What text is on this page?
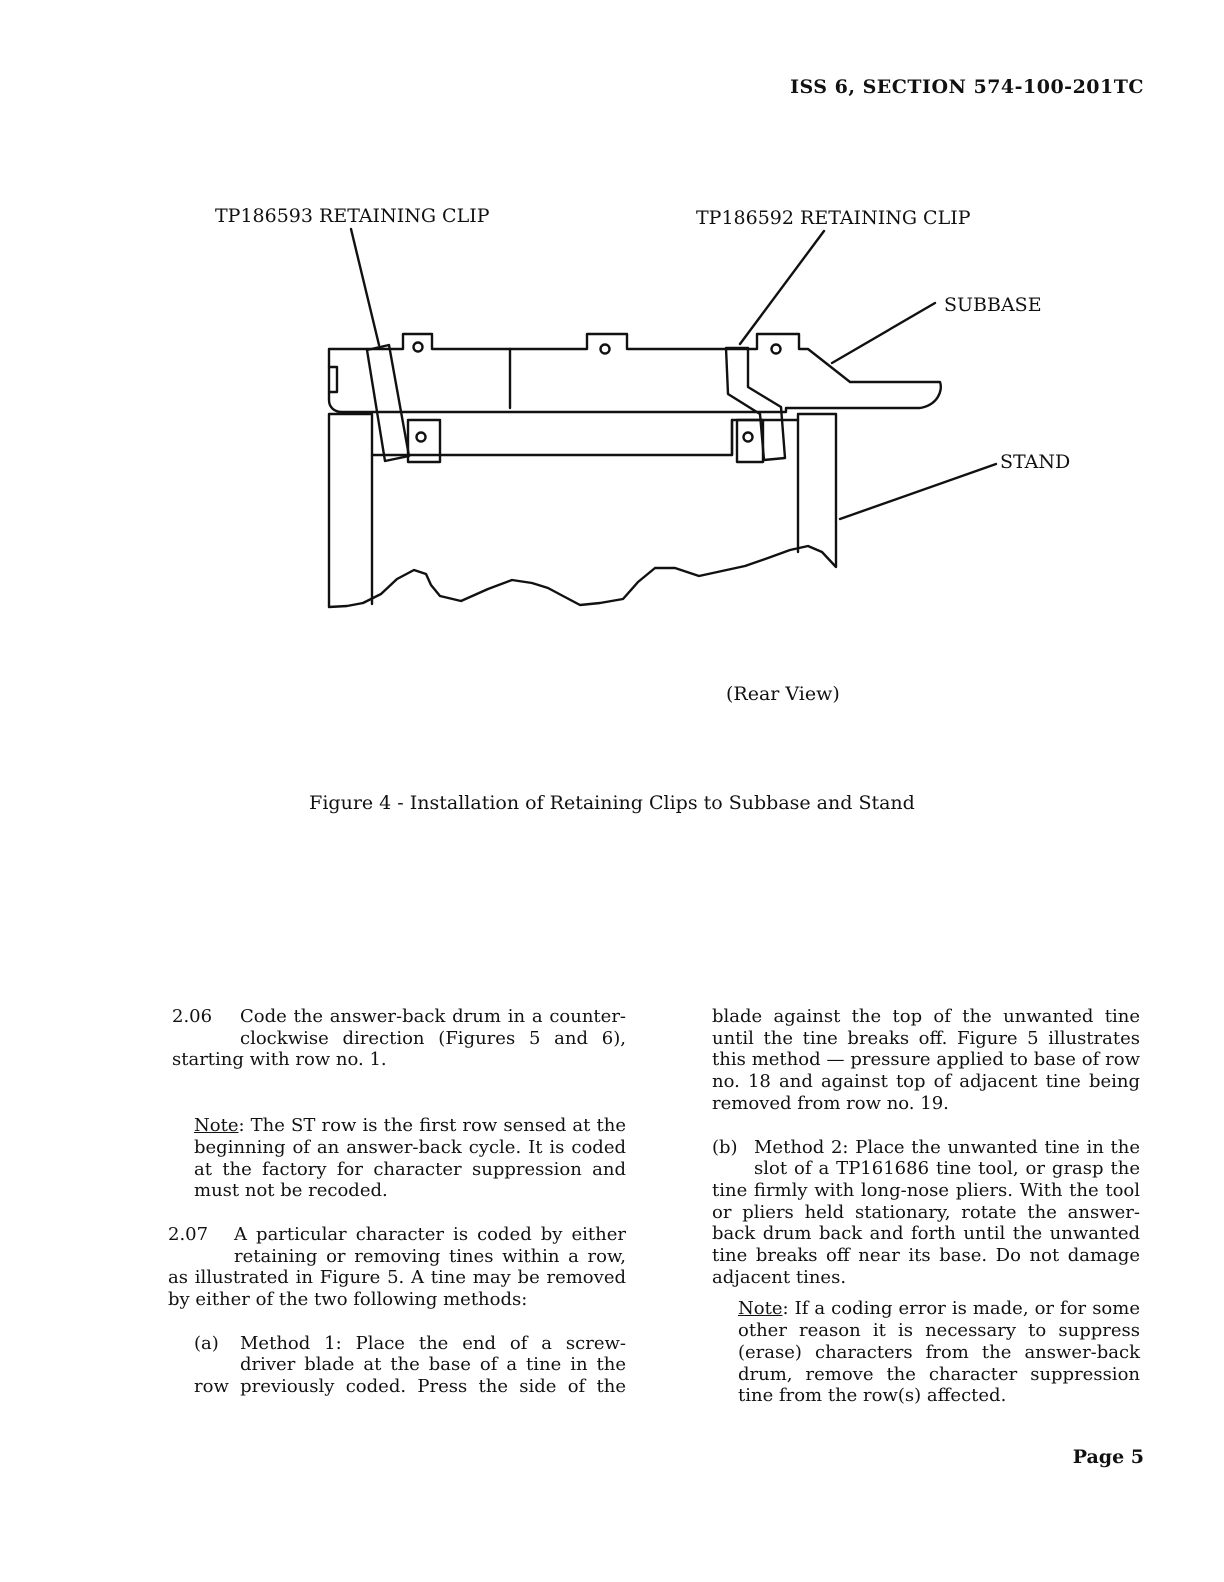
ISS 6, SECTION 574-100-201TC
TP186593 RETAINING CLIP	TP186592 RETAINING CLIP
SUBBASE
STAND
(Rear View)
Figure 4 - Installation of Retaining Clips to Subbase and Stand
2.06	Code the answer-back drum in a counter-
clockwise direction (Figures 5 and 6),
starting with row no. 1.
Note: The ST row is the first row sensed at the beginning of an answer-back cycle. It is coded at the factory for character suppression and must not be recoded.
2.07	A particular character is coded by either
retaining or removing tines within a row,
as illustrated in Figure 5. A tine may be removed by either of the two following methods:
(a)	Method 1: Place the end of a screw-
driver blade at the base of a tine in the
row previously coded. Press the side of the
blade against the top of the unwanted tine until the tine breaks off. Figure 5 illustrates this method — pressure applied to base of row no. 18 and against top of adjacent tine being removed from row no. 19.
(b) Method 2: Place the unwanted tine in the
slot of a TP161686 tine tool, or grasp the
tine firmly with long-nose pliers. With the tool or pliers held stationary, rotate the answer-back drum back and forth until the unwanted tine breaks off near its base. Do not damage adjacent tines.
Note: If a coding error is made, or for some other reason it is necessary to suppress (erase) characters from the answer-back drum, remove the character suppression tine from the row(s) affected.
Page 5
